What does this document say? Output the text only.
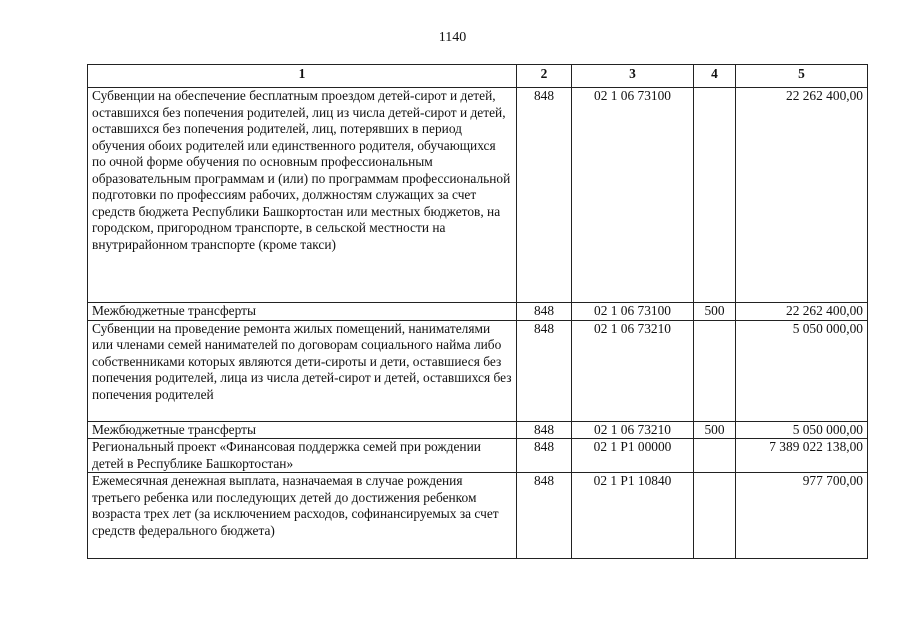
1140
1	2	3	4	5
Субвенции на обеспечение бесплатным проездом детей-сирот и детей, оставшихся без попечения родителей, лиц из числа детей-сирот и детей, оставшихся без попечения родителей, лиц, потерявших в период обучения обоих родителей или единственного родителя, обучающихся по очной форме обучения по основным профессиональным образовательным программам и (или) по программам профессиональной подготовки по профессиям рабочих, должностям служащих за счет средств бюджета Республики Башкортостан или местных бюджетов, на городском, пригородном транспорте, в сельской местности на внутрирайонном транспорте (кроме такси)	848	02 1 06 73100		22 262 400,00
Межбюджетные трансферты	848	02 1 06 73100	500	22 262 400,00
Субвенции на проведение ремонта жилых помещений, нанимателями или членами семей нанимателей по договорам социального найма либо собственниками которых являются дети-сироты и дети, оставшиеся без попечения родителей, лица из числа детей-сирот и детей, оставшихся без попечения родителей	848	02 1 06 73210		5 050 000,00
Межбюджетные трансферты	848	02 1 06 73210	500	5 050 000,00
Региональный проект «Финансовая поддержка семей при рождении детей в Республике Башкортостан»	848	02 1 P1 00000		7 389 022 138,00
Ежемесячная денежная выплата, назначаемая в случае рождения третьего ребенка или последующих детей до достижения ребенком возраста трех лет (за исключением расходов, софинансируемых за счет средств федерального бюджета)	848	02 1 P1 10840		977 700,00
